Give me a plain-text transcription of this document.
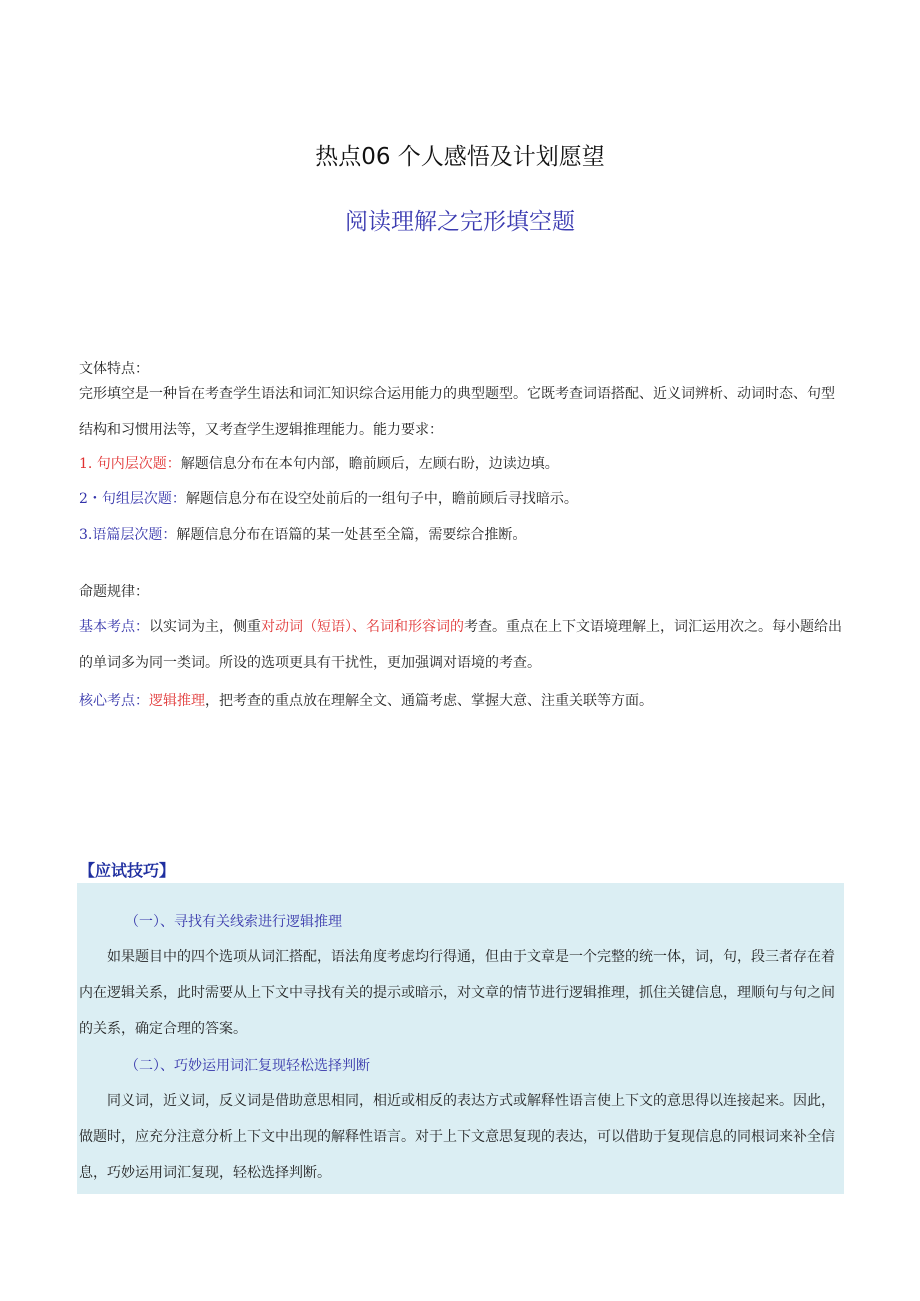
热点06 个人感悟及计划愿望
阅读理解之完形填空题
文体特点：
完形填空是一种旨在考查学生语法和词汇知识综合运用能力的典型题型。它既考查词语搭配、近义词辨析、动词时态、句型结构和习惯用法等，又考查学生逻辑推理能力。能力要求：
1. 句内层次题：解题信息分布在本句内部，瞻前顾后，左顾右盼，边读边填。
2・句组层次题：解题信息分布在设空处前后的一组句子中，瞻前顾后寻找暗示。
3.语篇层次题：解题信息分布在语篇的某一处甚至全篇，需要综合推断。
命题规律：
基本考点：以实词为主，侧重对动词（短语）、名词和形容词的考查。重点在上下文语境理解上，词汇运用次之。每小题给出的单词多为同一类词。所设的选项更具有干扰性，更加强调对语境的考查。
核心考点：逻辑推理，把考查的重点放在理解全文、通篇考虑、掌握大意、注重关联等方面。
【应试技巧】
（一）、寻找有关线索进行逻辑推理
如果题目中的四个选项从词汇搭配，语法角度考虑均行得通，但由于文章是一个完整的统一体，词，句，段三者存在着内在逻辑关系，此时需要从上下文中寻找有关的提示或暗示，对文章的情节进行逻辑推理，抓住关键信息，理顺句与句之间的关系，确定合理的答案。
（二）、巧妙运用词汇复现轻松选择判断
同义词，近义词，反义词是借助意思相同，相近或相反的表达方式或解释性语言使上下文的意思得以连接起来。因此，做题时，应充分注意分析上下文中出现的解释性语言。对于上下文意思复现的表达，可以借助于复现信息的同根词来补全信息，巧妙运用词汇复现，轻松选择判断。
